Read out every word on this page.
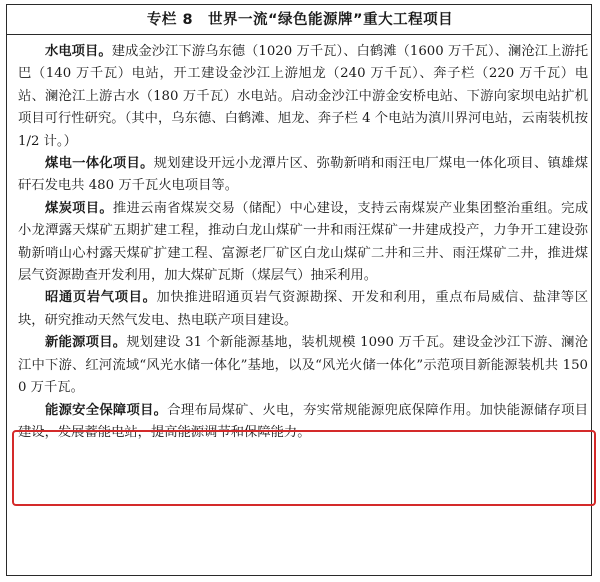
专栏 8　世界一流“绿色能源牌”重大工程项目

水电项目。建成金沙江下游乌东德（1020 万千瓦）、白鹤滩（1600 万千瓦）、澜沧江上游托巴（140 万千瓦）电站，开工建设金沙江上游旭龙（240 万千瓦）、奔子栏（220 万千瓦）电站、澜沧江上游古水（180 万千瓦）水电站。启动金沙江中游金安桥电站、下游向家坝电站扩机项目可行性研究。（其中，乌东德、白鹤滩、旭龙、奔子栏 4 个电站为滇川界河电站，云南装机按 1/2 计。）

煤电一体化项目。规划建设开远小龙潭片区、弥勒新哨和雨汪电厂煤电一体化项目、镇雄煤矸石发电共 480 万千瓦火电项目等。

煤炭项目。推进云南省煤炭交易（储配）中心建设，支持云南煤炭产业集团整治重组。完成小龙潭露天煤矿五期扩建工程，推动白龙山煤矿一井和雨汪煤矿一井建成投产，力争开工建设弥勒新哨山心村露天煤矿扩建工程、富源老厂矿区白龙山煤矿二井和三井、雨汪煤矿二井，推进煤层气资源勘查开发利用，加大煤矿瓦斯（煤层气）抽采利用。

昭通页岩气项目。加快推进昭通页岩气资源勘探、开发和利用，重点布局威信、盐津等区块，研究推动天然气发电、热电联产项目建设。

新能源项目。规划建设 31 个新能源基地，装机规模 1090 万千瓦。建设金沙江下游、澜沧江中下游、红河流域“风光水储一体化”基地，以及“风光火储一体化”示范项目新能源装机共 1500 万千瓦。

能源安全保障项目。合理布局煤矿、火电，夯实常规能源兜底保障作用。加快能源储存项目建设，发展蓄能电站，提高能源调节和保障能力。
